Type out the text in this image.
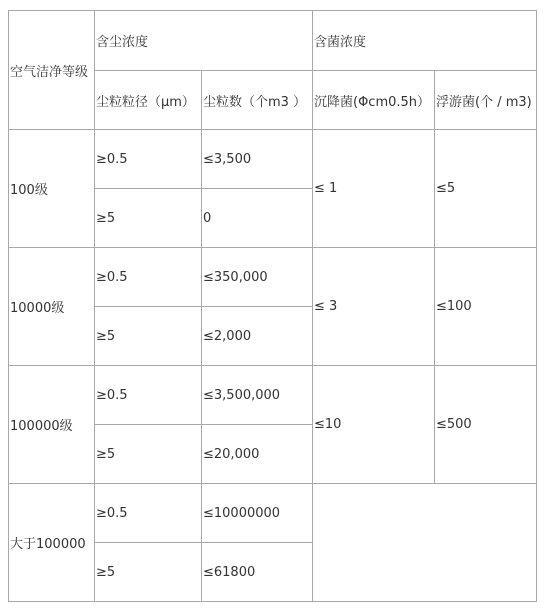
空气洁净等级	含尘浓度		含菌浓度	
	尘粒粒径（μm）	尘粒数（个m3 ）	沉降菌(Φcm0.5h）	浮游菌(个 / m3)
100级	≥0.5	≤3,500	≤ 1	≤5
	≥5	0		
10000级	≥0.5	≤350,000	≤ 3	≤100
	≥5	≤2,000		
100000级	≥0.5	≤3,500,000	≤10	≤500
	≥5	≤20,000		
大于100000	≥0.5	≤10000000		
	≥5	≤61800		
